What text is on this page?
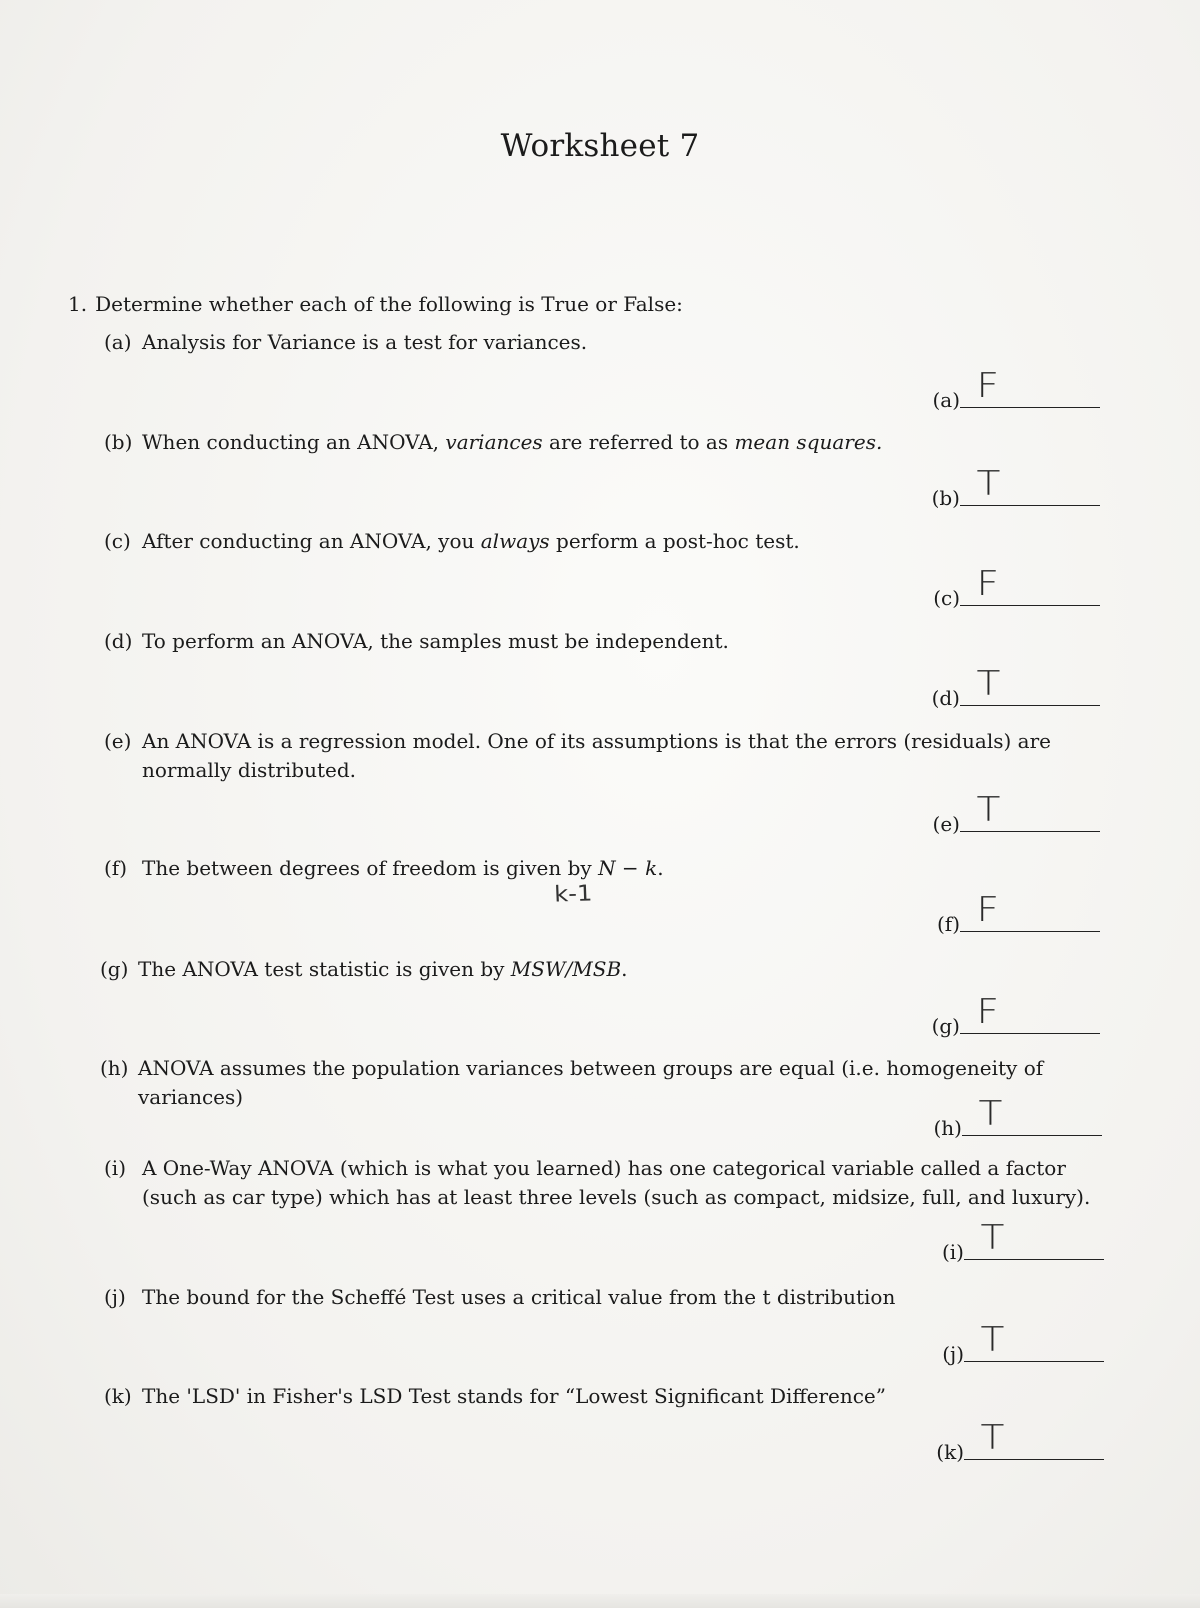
Worksheet 7
1. Determine whether each of the following is True or False:
(a) Analysis for Variance is a test for variances.
(a) F
(b) When conducting an ANOVA, variances are referred to as mean squares.
(b) T
(c) After conducting an ANOVA, you always perform a post-hoc test.
(c) F
(d) To perform an ANOVA, the samples must be independent.
(d) T
(e) An ANOVA is a regression model. One of its assumptions is that the errors (residuals) are normally distributed.
(e) T
(f) The between degrees of freedom is given by N − k.
k-1
(f) F
(g) The ANOVA test statistic is given by MSW/MSB.
(g) F
(h) ANOVA assumes the population variances between groups are equal (i.e. homogeneity of variances)
(h) T
(i) A One-Way ANOVA (which is what you learned) has one categorical variable called a factor (such as car type) which has at least three levels (such as compact, midsize, full, and luxury).
(i) T
(j) The bound for the Scheffé Test uses a critical value from the t distribution
(j) T
(k) The 'LSD' in Fisher's LSD Test stands for “Lowest Significant Difference”
(k) T
